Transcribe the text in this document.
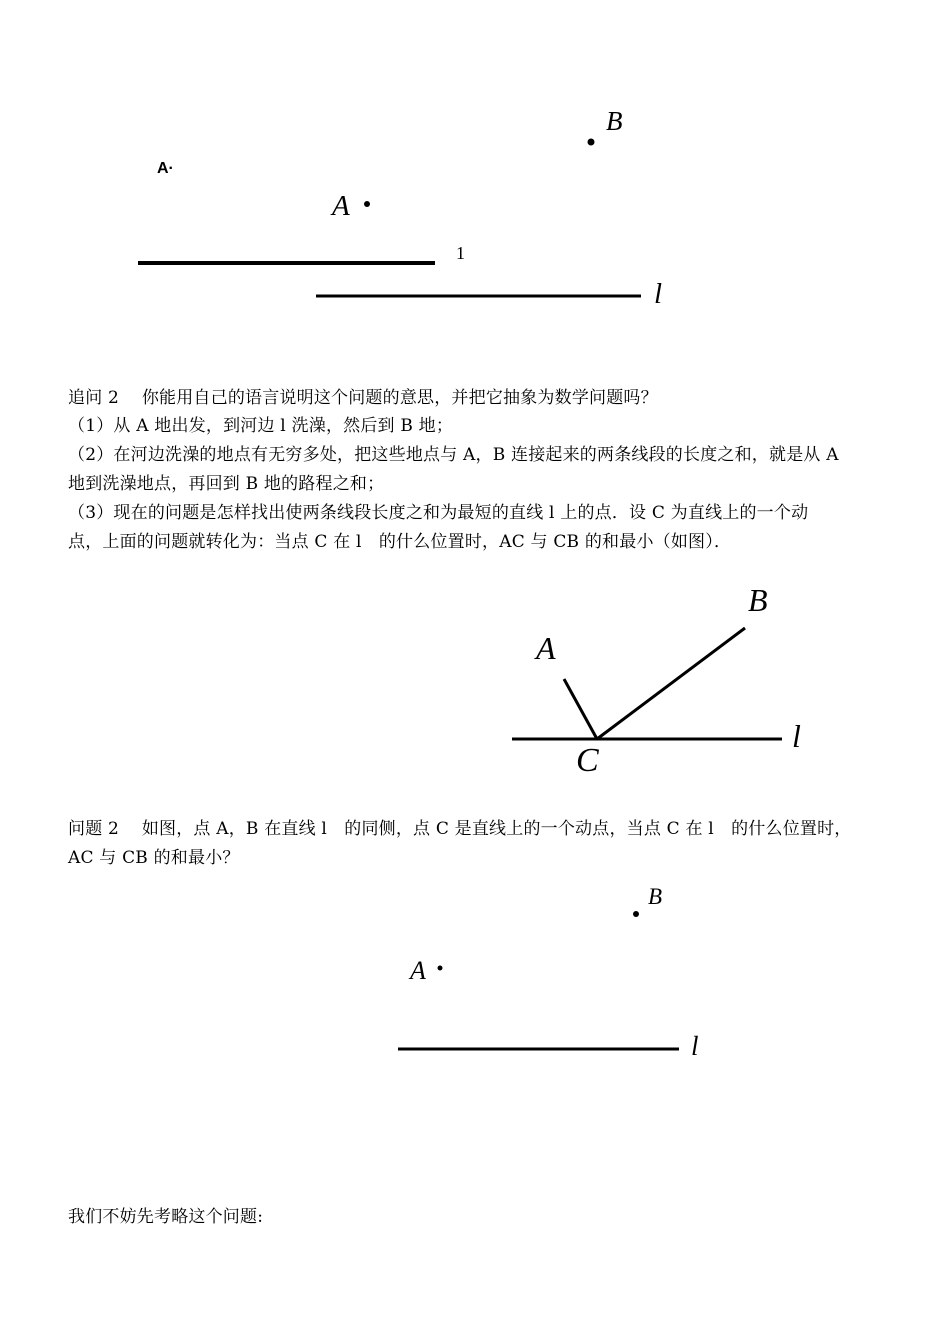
B
A·
A
1
l
追问 2　 你能用自己的语言说明这个问题的意思，并把它抽象为数学问题吗？
（1）从 A 地出发，到河边 l 洗澡，然后到 B 地；
（2）在河边洗澡的地点有无穷多处，把这些地点与 A，B 连接起来的两条线段的长度之和，就是从 A
地到洗澡地点，再回到 B 地的路程之和；
（3）现在的问题是怎样找出使两条线段长度之和为最短的直线 l 上的点．设 C 为直线上的一个动
点，上面的问题就转化为：当点 C 在 l　的什么位置时，AC 与 CB 的和最小（如图）．
B
A
l
C
问题 2　 如图，点 A，B 在直线 l　的同侧，点 C 是直线上的一个动点，当点 C 在 l　的什么位置时，
AC 与 CB 的和最小？
B
A
l
我们不妨先考略这个问题:
